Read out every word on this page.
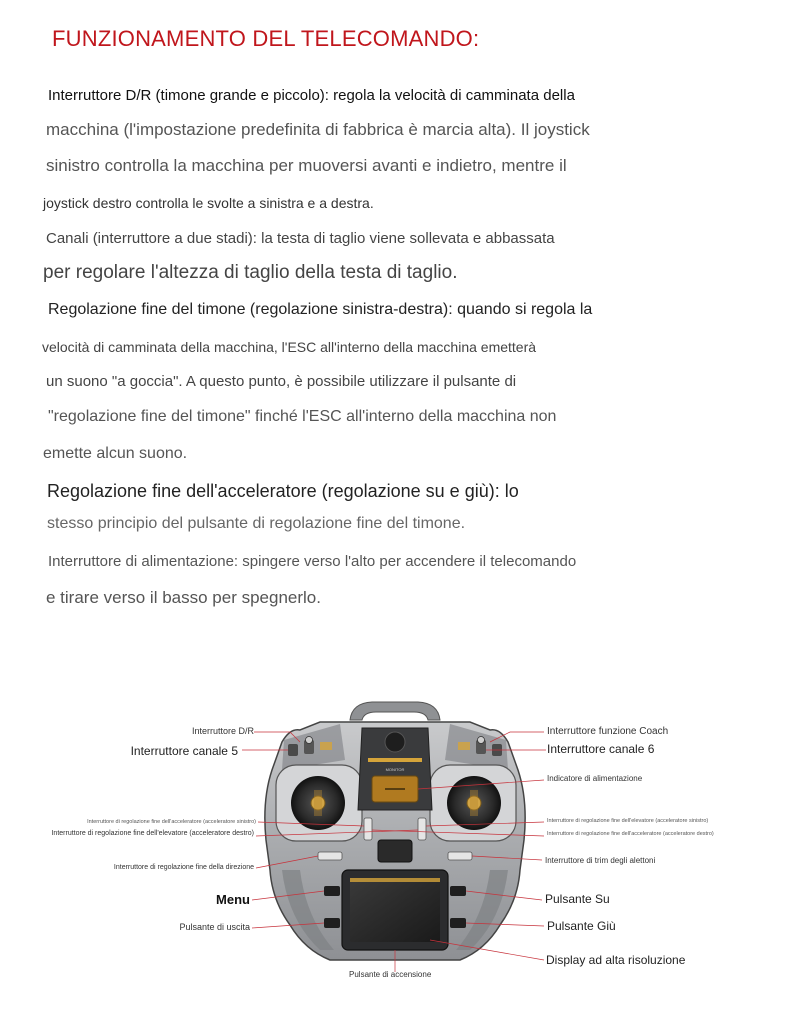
FUNZIONAMENTO DEL TELECOMANDO:
Interruttore D/R (timone grande e piccolo): regola la velocità di camminata della
macchina (l'impostazione predefinita di fabbrica è marcia alta). Il joystick
sinistro controlla la macchina per muoversi avanti e indietro, mentre il
joystick destro controlla le svolte a sinistra e a destra.
Canali (interruttore a due stadi): la testa di taglio viene sollevata e abbassata
per regolare l'altezza di taglio della testa di taglio.
Regolazione fine del timone (regolazione sinistra-destra): quando si regola la
velocità di camminata della macchina, l'ESC all'interno della macchina emetterà
un suono "a goccia". A questo punto, è possibile utilizzare il pulsante di
"regolazione fine del timone" finché l'ESC all'interno della macchina non
emette alcun suono.
Regolazione fine dell'acceleratore (regolazione su e giù): lo
stesso principio del pulsante di regolazione fine del timone.
Interruttore di alimentazione: spingere verso l'alto per accendere il telecomando
e tirare verso il basso per spegnerlo.
MONITOR
Interruttore D/R
Interruttore canale 5
Interruttore di regolazione fine dell'acceleratore (acceleratore sinistro)
Interruttore di regolazione fine dell'elevatore (acceleratore destro)
Interruttore di regolazione fine della direzione
Menu
Pulsante di uscita
Pulsante di accensione
Interruttore funzione Coach
Interruttore canale 6
Indicatore di alimentazione
Interruttore di regolazione fine dell'elevatore (acceleratore sinistro)
Interruttore di regolazione fine dell'acceleratore (acceleratore destro)
Interruttore di trim degli alettoni
Pulsante Su
Pulsante Giù
Display ad alta risoluzione
